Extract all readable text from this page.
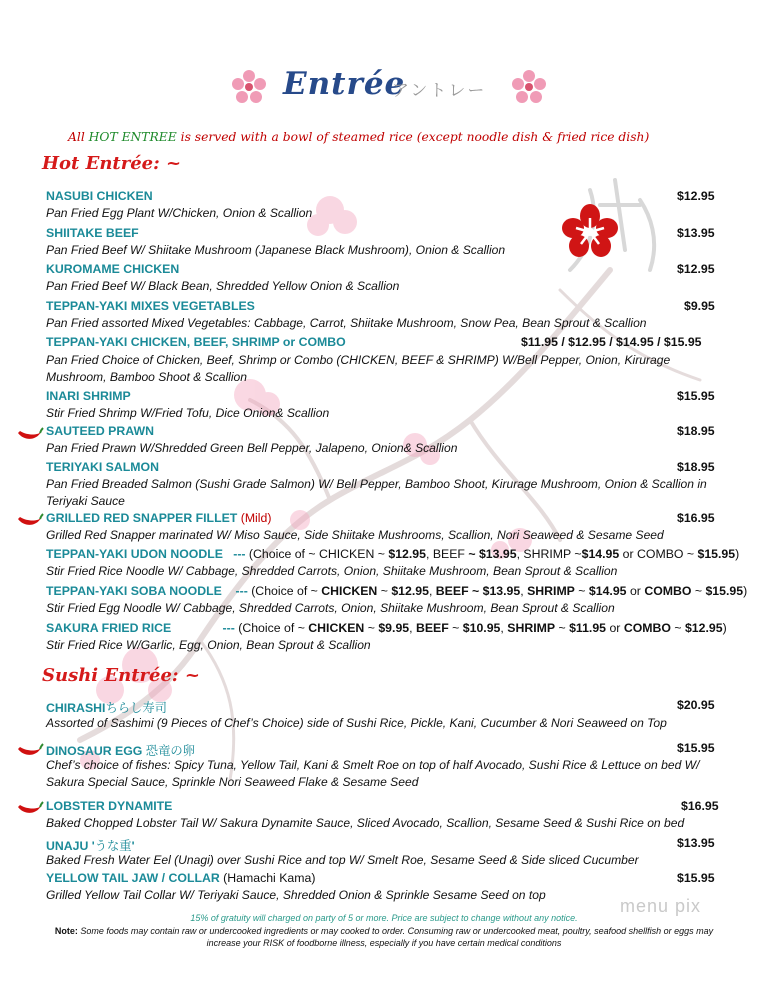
Entrée
アントレー
All HOT ENTREE is served with a bowl of steamed rice (except noodle dish & fried rice dish)
Hot Entrée: ~
NASUBI CHICKEN	$12.95
Pan Fried Egg Plant W/Chicken, Onion & Scallion
SHIITAKE BEEF	$13.95
Pan Fried Beef W/ Shiitake Mushroom (Japanese Black Mushroom), Onion & Scallion
KUROMAME CHICKEN	$12.95
Pan Fried Beef W/ Black Bean, Shredded Yellow Onion & Scallion
TEPPAN-YAKI MIXES VEGETABLES	$9.95
Pan Fried assorted Mixed Vegetables: Cabbage, Carrot, Shiitake Mushroom, Snow Pea, Bean Sprout & Scallion
TEPPAN-YAKI CHICKEN, BEEF, SHRIMP or COMBO	$11.95 / $12.95 / $14.95 / $15.95
Pan Fried Choice of Chicken, Beef, Shrimp or Combo (CHICKEN, BEEF & SHRIMP) W/Bell Pepper, Onion, Kirurage
Mushroom, Bamboo Shoot & Scallion
INARI SHRIMP	$15.95
Stir Fried Shrimp W/Fried Tofu, Dice Onion& Scallion
SAUTEED PRAWN	$18.95
Pan Fried Prawn W/Shredded Green Bell Pepper, Jalapeno, Onion& Scallion
TERIYAKI SALMON	$18.95
Pan Fried Breaded Salmon (Sushi Grade Salmon) W/ Bell Pepper, Bamboo Shoot, Kirurage Mushroom, Onion & Scallion in
Teriyaki Sauce
GRILLED RED SNAPPER FILLET (Mild)	$16.95
Grilled Red Snapper marinated W/ Miso Sauce, Side Shiitake Mushrooms, Scallion, Nori Seaweed & Sesame Seed
TEPPAN-YAKI UDON NOODLE --- (Choice of ~ CHICKEN ~ $12.95, BEEF ~ $13.95, SHRIMP ~$14.95 or COMBO ~ $15.95)
Stir Fried Rice Noodle W/ Cabbage, Shredded Carrots, Onion, Shiitake Mushroom, Bean Sprout & Scallion
TEPPAN-YAKI SOBA NOODLE --- (Choice of ~ CHICKEN ~ $12.95, BEEF ~ $13.95, SHRIMP ~ $14.95 or COMBO ~ $15.95)
Stir Fried Egg Noodle W/ Cabbage, Shredded Carrots, Onion, Shiitake Mushroom, Bean Sprout & Scallion
SAKURA FRIED RICE	--- (Choice of ~ CHICKEN ~ $9.95, BEEF ~ $10.95, SHRIMP ~ $11.95 or COMBO ~ $12.95)
Stir Fried Rice W/Garlic, Egg, Onion, Bean Sprout & Scallion
Sushi Entrée: ~
CHIRASHIちらし寿司	$20.95
Assorted of Sashimi (9 Pieces of Chef’s Choice) side of Sushi Rice, Pickle, Kani, Cucumber & Nori Seaweed on Top
DINOSAUR EGG 恐竜の卵	$15.95
Chef’s choice of fishes: Spicy Tuna, Yellow Tail, Kani & Smelt Roe on top of half Avocado, Sushi Rice & Lettuce on bed W/
Sakura Special Sauce, Sprinkle Nori Seaweed Flake & Sesame Seed
LOBSTER DYNAMITE	$16.95
Baked Chopped Lobster Tail W/ Sakura Dynamite Sauce, Sliced Avocado, Scallion, Sesame Seed & Sushi Rice on bed
UNAJU 'うな重'	$13.95
Baked Fresh Water Eel (Unagi) over Sushi Rice and top W/ Smelt Roe, Sesame Seed & Side sliced Cucumber
YELLOW TAIL JAW / COLLAR (Hamachi Kama)	$15.95
Grilled Yellow Tail Collar W/ Teriyaki Sauce, Shredded Onion & Sprinkle Sesame Seed on top
15% of gratuity will charged on party of 5 or more. Price are subject to change without any notice.
Note: Some foods may contain raw or undercooked ingredients or may cooked to order. Consuming raw or undercooked meat, poultry, seafood shellfish or eggs may
increase your RISK of foodborne illness, especially if you have certain medical conditions
menu pix
